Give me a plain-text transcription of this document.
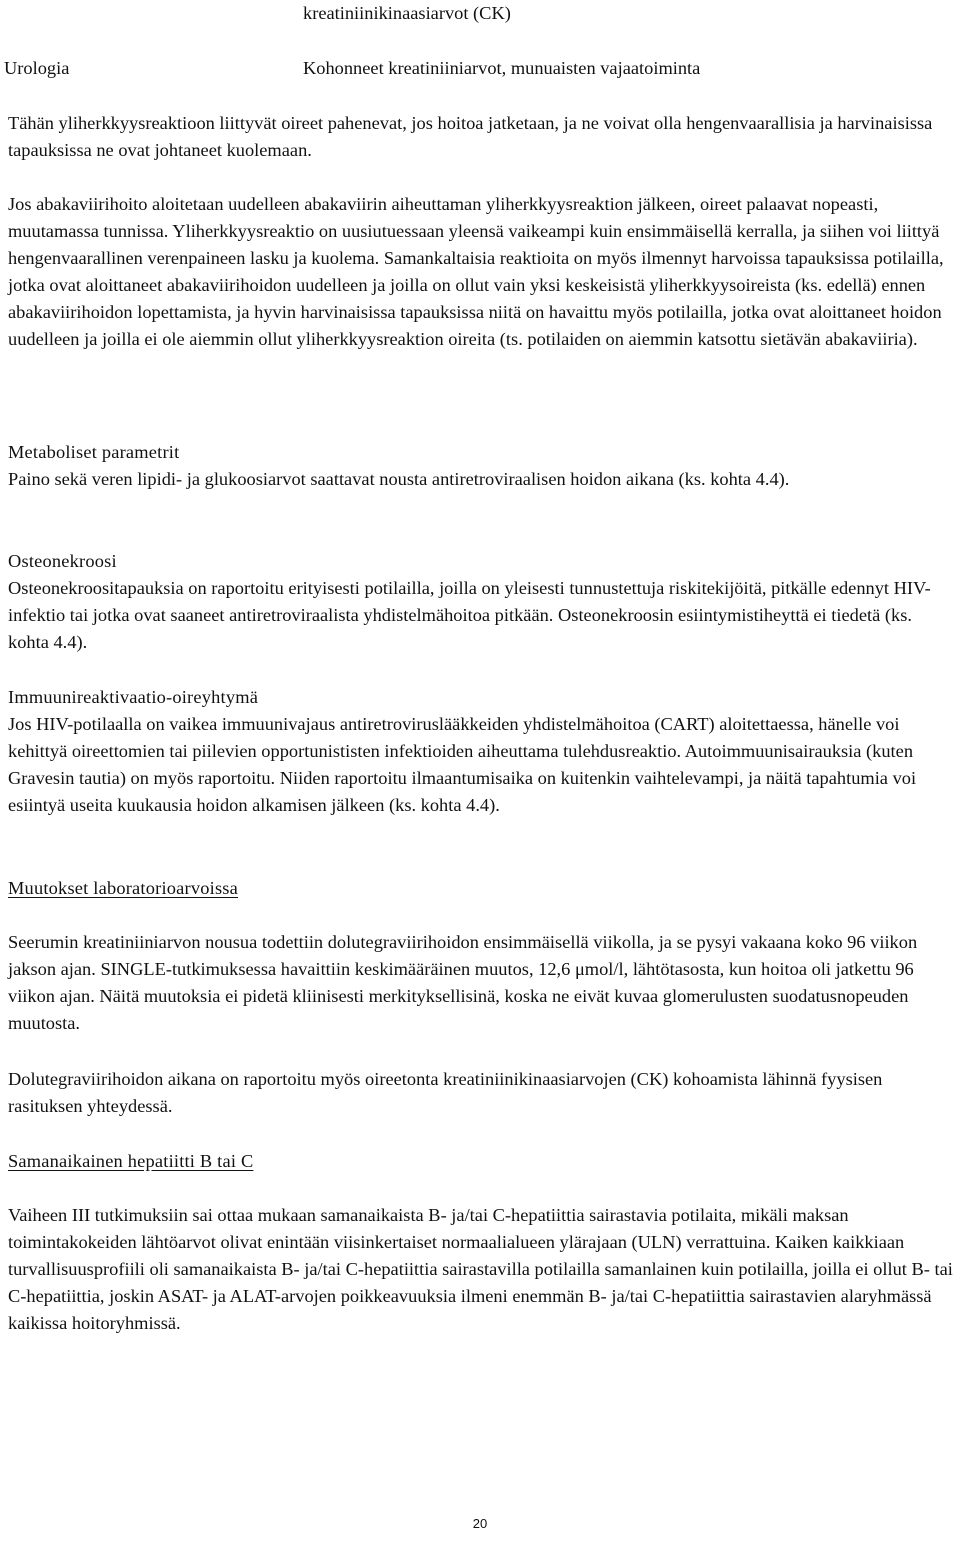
kreatiniinikinaasiarvot (CK)
Urologia	Kohonneet kreatiniiniarvot, munuaisten vajaatoiminta

Tähän yliherkkyysreaktioon liittyvät oireet pahenevat, jos hoitoa jatketaan, ja ne voivat olla hengenvaarallisia ja harvinaisissa tapauksissa ne ovat johtaneet kuolemaan.

Jos abakaviirihoito aloitetaan uudelleen abakaviirin aiheuttaman yliherkkyysreaktion jälkeen, oireet palaavat nopeasti, muutamassa tunnissa. Yliherkkyysreaktio on uusiutuessaan yleensä vaikeampi kuin ensimmäisellä kerralla, ja siihen voi liittyä hengenvaarallinen verenpaineen lasku ja kuolema. Samankaltaisia reaktioita on myös ilmennyt harvoissa tapauksissa potilailla, jotka ovat aloittaneet abakaviirihoidon uudelleen ja joilla on ollut vain yksi keskeisistä yliherkkyysoireista (ks. edellä) ennen abakaviirihoidon lopettamista, ja hyvin harvinaisissa tapauksissa niitä on havaittu myös potilailla, jotka ovat aloittaneet hoidon uudelleen ja joilla ei ole aiemmin ollut yliherkkyysreaktion oireita (ts. potilaiden on aiemmin katsottu sietävän abakaviiria).

Metaboliset parametrit

Paino sekä veren lipidi- ja glukoosiarvot saattavat nousta antiretroviraalisen hoidon aikana (ks. kohta 4.4).

Osteonekroosi

Osteonekroositapauksia on raportoitu erityisesti potilailla, joilla on yleisesti tunnustettuja riskitekijöitä, pitkälle edennyt HIV-infektio tai jotka ovat saaneet antiretroviraalista yhdistelmähoitoa pitkään. Osteonekroosin esiintymistiheyttä ei tiedetä (ks. kohta 4.4).

Immuunireaktivaatio-oireyhtymä

Jos HIV-potilaalla on vaikea immuunivajaus antiretroviruslääkkeiden yhdistelmähoitoa (CART) aloitettaessa, hänelle voi kehittyä oireettomien tai piilevien opportunististen infektioiden aiheuttama tulehdusreaktio. Autoimmuunisairauksia (kuten Gravesin tautia) on myös raportoitu. Niiden raportoitu ilmaantumisaika on kuitenkin vaihtelevampi, ja näitä tapahtumia voi esiintyä useita kuukausia hoidon alkamisen jälkeen (ks. kohta 4.4).

Muutokset laboratorioarvoissa

Seerumin kreatiniiniarvon nousua todettiin dolutegraviirihoidon ensimmäisellä viikolla, ja se pysyi vakaana koko 96 viikon jakson ajan. SINGLE-tutkimuksessa havaittiin keskimääräinen muutos, 12,6 μmol/l, lähtötasosta, kun hoitoa oli jatkettu 96 viikon ajan. Näitä muutoksia ei pidetä kliinisesti merkityksellisinä, koska ne eivät kuvaa glomerulusten suodatusnopeuden muutosta.

Dolutegraviirihoidon aikana on raportoitu myös oireetonta kreatiniinikinaasiarvojen (CK) kohoamista lähinnä fyysisen rasituksen yhteydessä.

Samanaikainen hepatiitti B tai C

Vaiheen III tutkimuksiin sai ottaa mukaan samanaikaista B- ja/tai C-hepatiittia sairastavia potilaita, mikäli maksan toimintakokeiden lähtöarvot olivat enintään viisinkertaiset normaalialueen ylärajaan (ULN) verrattuina. Kaiken kaikkiaan turvallisuusprofiili oli samanaikaista B- ja/tai C-hepatiittia sairastavilla potilailla samanlainen kuin potilailla, joilla ei ollut B- tai C-hepatiittia, joskin ASAT- ja ALAT-arvojen poikkeavuuksia ilmeni enemmän B- ja/tai C-hepatiittia sairastavien alaryhmässä kaikissa hoitoryhmissä.

20
